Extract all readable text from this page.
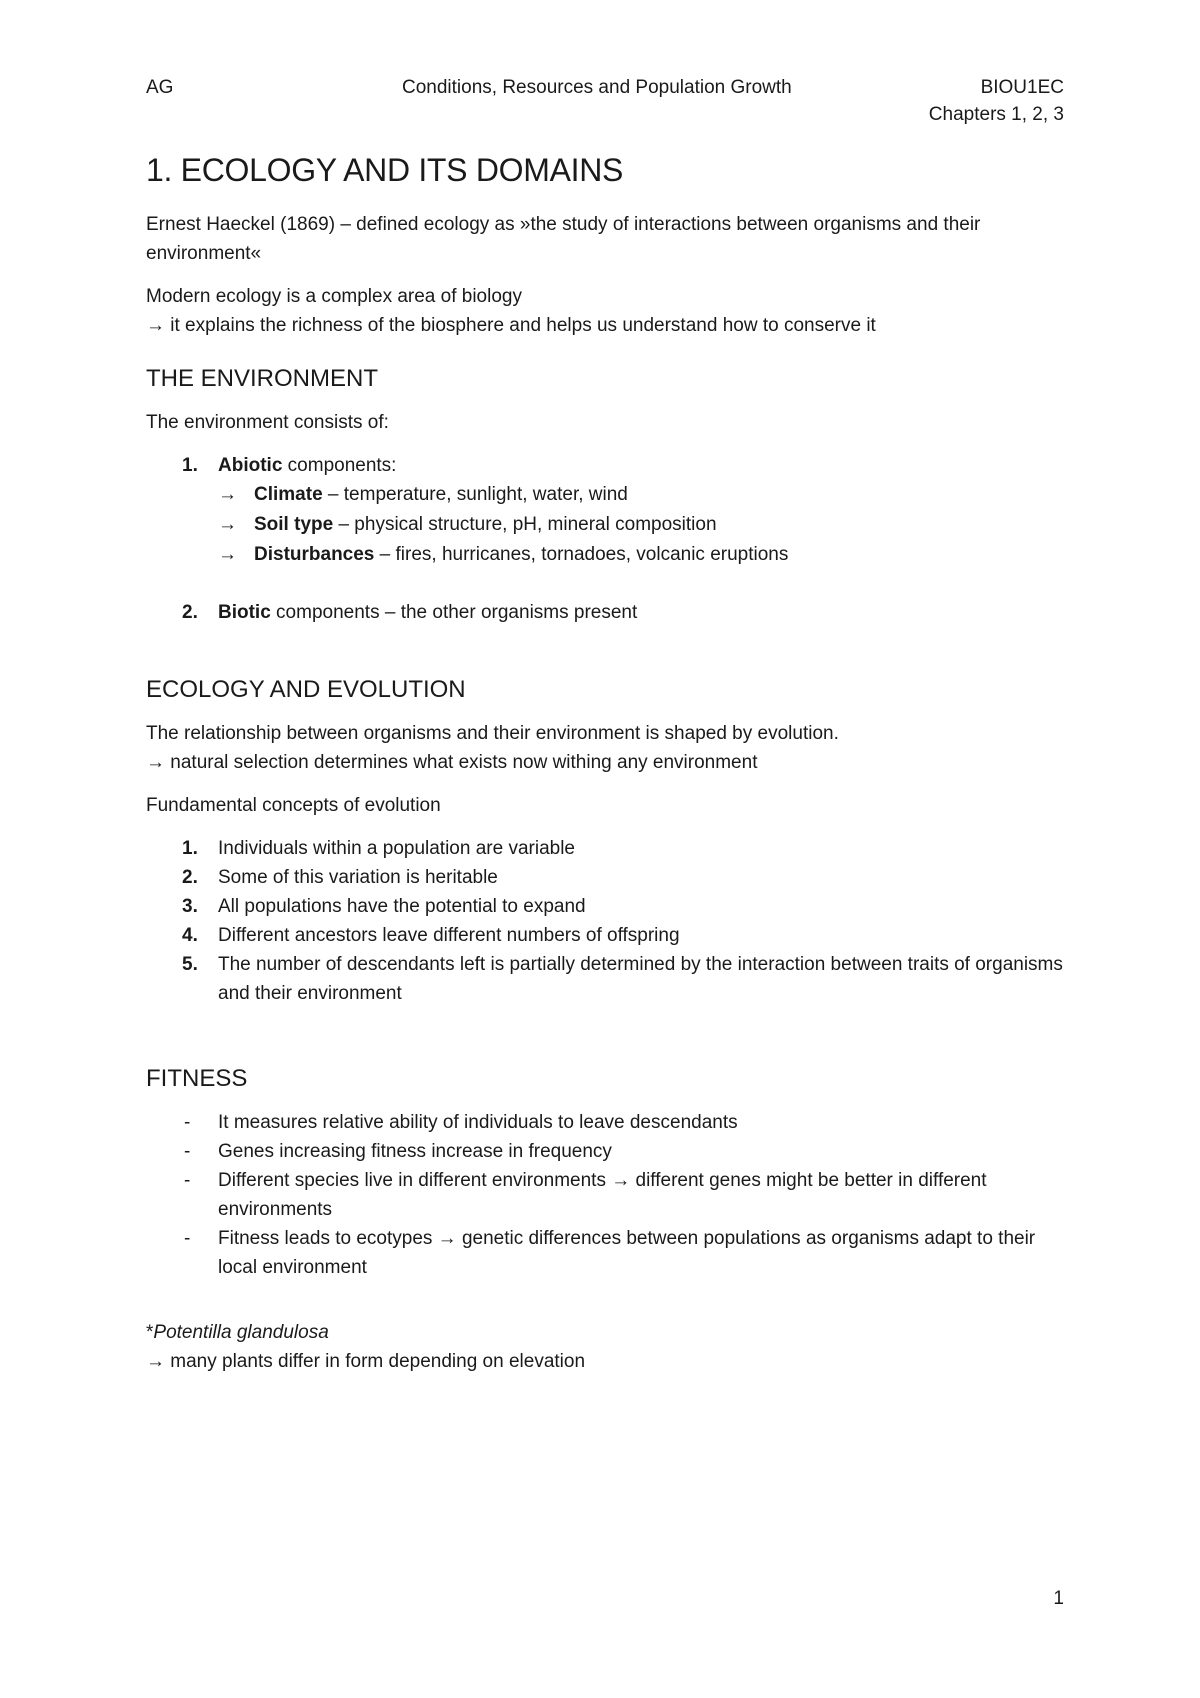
AG	Conditions, Resources and Population Growth	BIOU1EC
Chapters 1, 2, 3
1. ECOLOGY AND ITS DOMAINS

Ernest Haeckel (1869) – defined ecology as »the study of interactions between organisms and their
environment«

Modern ecology is a complex area of biology
→ it explains the richness of the biosphere and helps us understand how to conserve it

THE ENVIRONMENT

The environment consists of:

1. Abiotic components:
→ Climate – temperature, sunlight, water, wind
→ Soil type – physical structure, pH, mineral composition
→ Disturbances – fires, hurricanes, tornadoes, volcanic eruptions
2. Biotic components – the other organisms present
ECOLOGY AND EVOLUTION

The relationship between organisms and their environment is shaped by evolution.
→ natural selection determines what exists now withing any environment

Fundamental concepts of evolution

1. Individuals within a population are variable
2. Some of this variation is heritable
3. All populations have the potential to expand
4. Different ancestors leave different numbers of offspring
5. The number of descendants left is partially determined by the interaction between traits of organisms and their environment
FITNESS
- It measures relative ability of individuals to leave descendants
- Genes increasing fitness increase in frequency
- Different species live in different environments → different genes might be better in different environments
- Fitness leads to ecotypes → genetic differences between populations as organisms adapt to their local environment

*Potentilla glandulosa
→ many plants differ in form depending on elevation

1
